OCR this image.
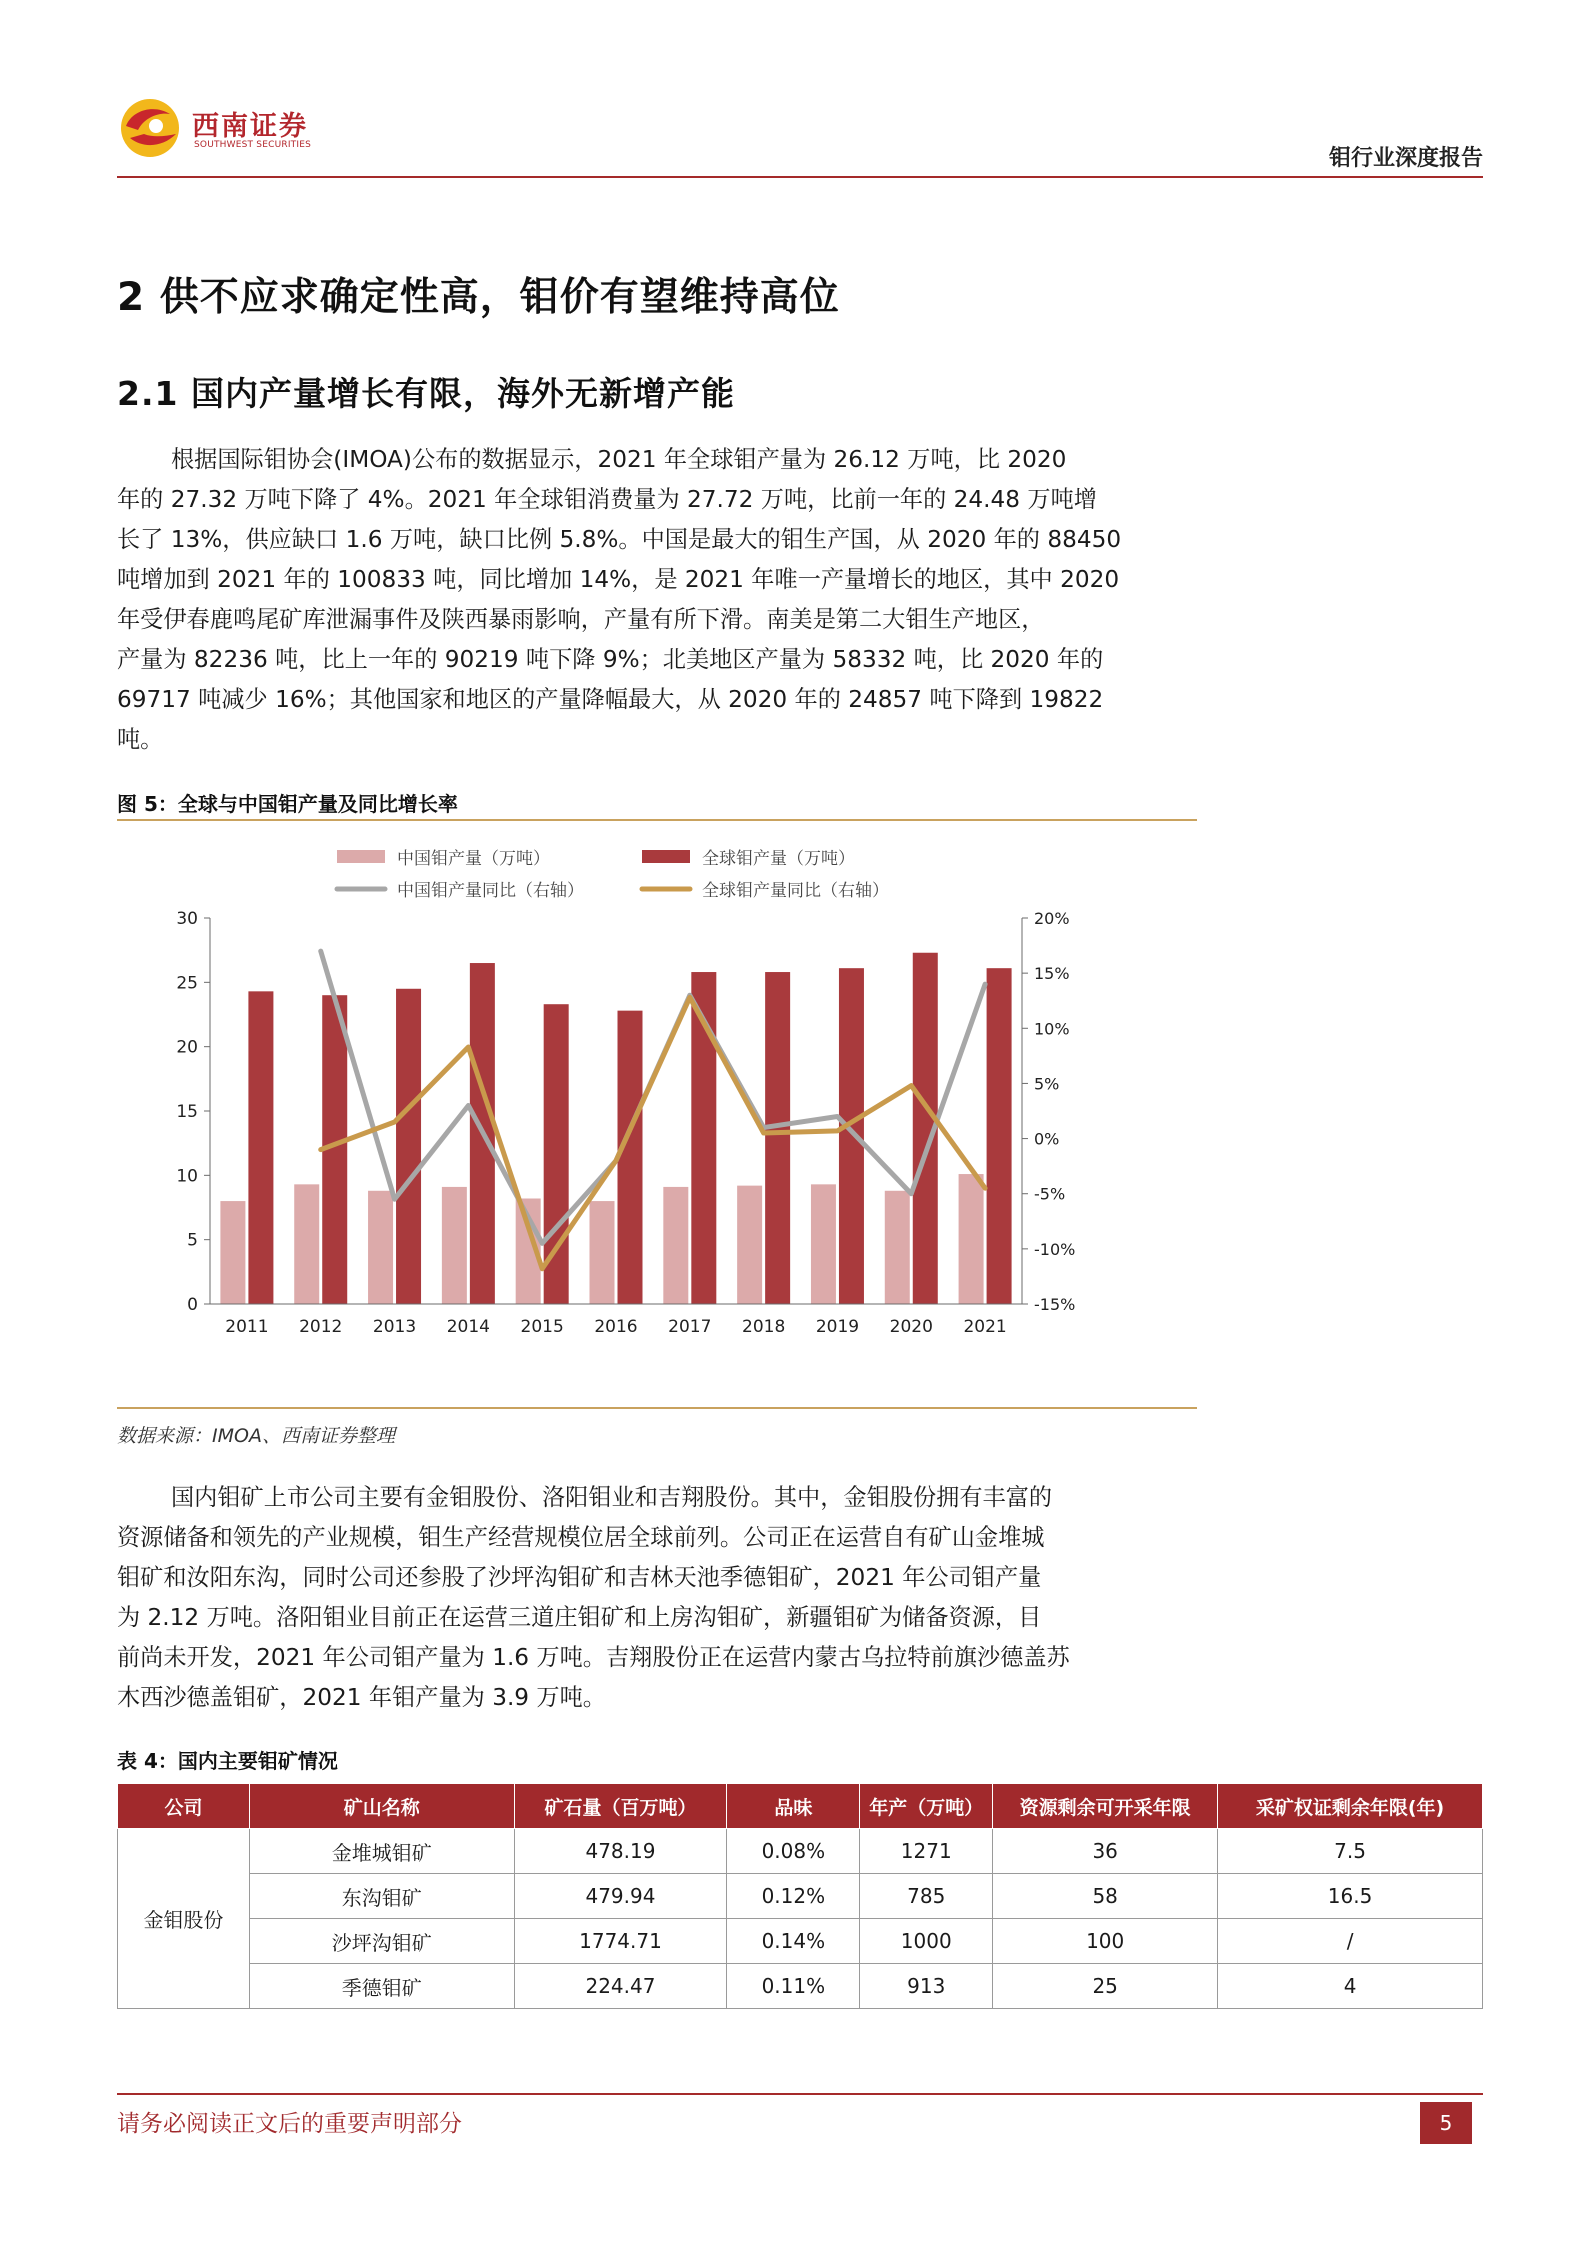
西南证券
SOUTHWEST SECURITIES
钼行业深度报告
2 供不应求确定性高，钼价有望维持高位
2.1 国内产量增长有限，海外无新增产能
根据国际钼协会(IMOA)公布的数据显示，2021 年全球钼产量为 26.12 万吨，比 2020
年的 27.32 万吨下降了 4%。2021 年全球钼消费量为 27.72 万吨，比前一年的 24.48 万吨增
长了 13%，供应缺口 1.6 万吨，缺口比例 5.8%。中国是最大的钼生产国，从 2020 年的 88450
吨增加到 2021 年的 100833 吨，同比增加 14%，是 2021 年唯一产量增长的地区，其中 2020
年受伊春鹿鸣尾矿库泄漏事件及陕西暴雨影响，产量有所下滑。南美是第二大钼生产地区，
产量为 82236 吨，比上一年的 90219 吨下降 9%；北美地区产量为 58332 吨，比 2020 年的
69717 吨减少 16%；其他国家和地区的产量降幅最大，从 2020 年的 24857 吨下降到 19822
吨。
图 5：全球与中国钼产量及同比增长率
0
5
10
15
20
25
30
-15%
-10%
-5%
0%
5%
10%
15%
20%
2011 2012 2013 2014 2015 2016 2017 2018 2019 2020 2021
中国钼产量（万吨）	全球钼产量（万吨）
中国钼产量同比（右轴）	全球钼产量同比（右轴）
数据来源：IMOA、西南证券整理
国内钼矿上市公司主要有金钼股份、洛阳钼业和吉翔股份。其中，金钼股份拥有丰富的
资源储备和领先的产业规模，钼生产经营规模位居全球前列。公司正在运营自有矿山金堆城
钼矿和汝阳东沟，同时公司还参股了沙坪沟钼矿和吉林天池季德钼矿，2021 年公司钼产量
为 2.12 万吨。洛阳钼业目前正在运营三道庄钼矿和上房沟钼矿，新疆钼矿为储备资源，目
前尚未开发，2021 年公司钼产量为 1.6 万吨。吉翔股份正在运营内蒙古乌拉特前旗沙德盖苏
木西沙德盖钼矿，2021 年钼产量为 3.9 万吨。
表 4：国内主要钼矿情况
公司	矿山名称	矿石量（百万吨）	品味	年产（万吨）	资源剩余可开采年限	采矿权证剩余年限(年)
金钼股份	金堆城钼矿	478.19	0.08%	1271	36	7.5
	东沟钼矿	479.94	0.12%	785	58	16.5
	沙坪沟钼矿	1774.71	0.14%	1000	100	/
	季德钼矿	224.47	0.11%	913	25	4
请务必阅读正文后的重要声明部分	5
